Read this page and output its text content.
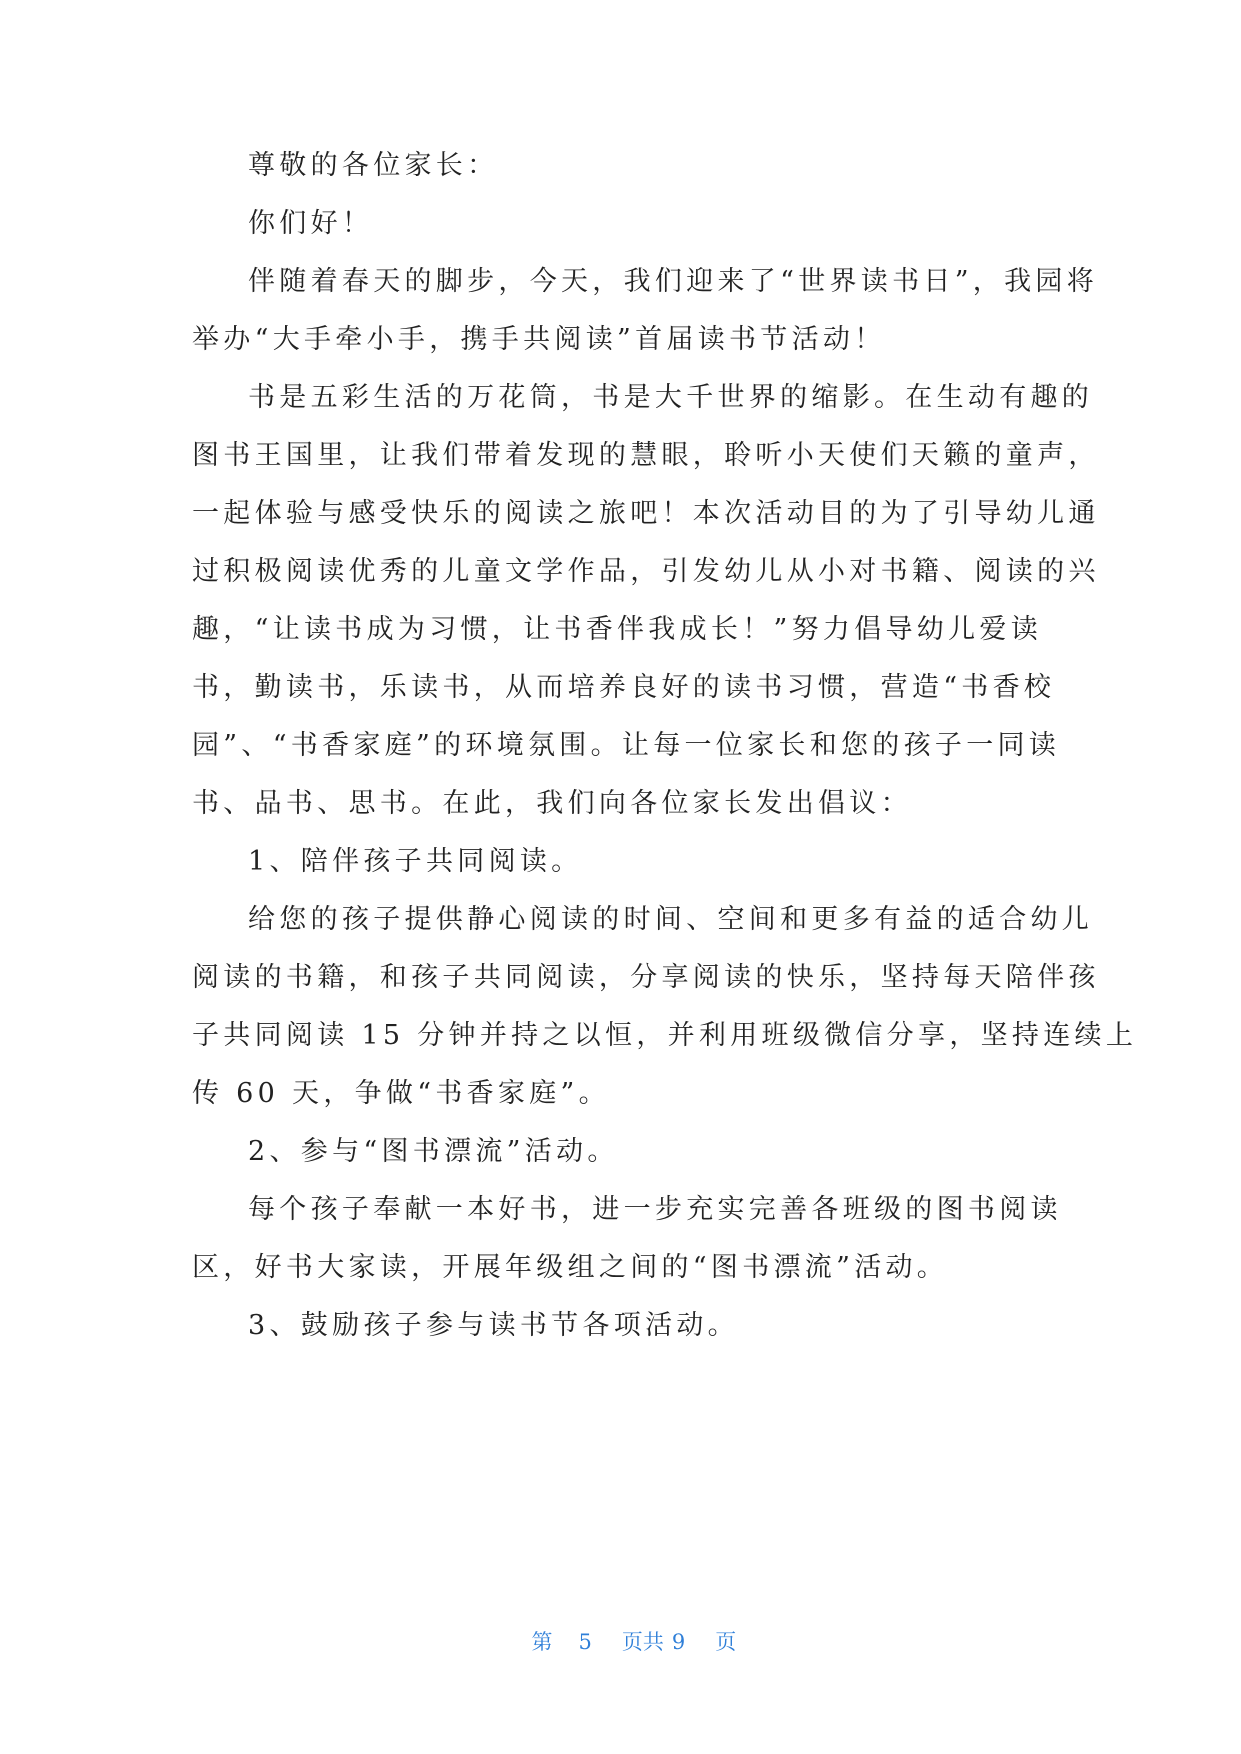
尊敬的各位家长：
你们好！
伴随着春天的脚步，今天，我们迎来了“世界读书日”，我园将
举办“大手牵小手，携手共阅读”首届读书节活动！
书是五彩生活的万花筒，书是大千世界的缩影。在生动有趣的
图书王国里，让我们带着发现的慧眼，聆听小天使们天籁的童声，
一起体验与感受快乐的阅读之旅吧！本次活动目的为了引导幼儿通
过积极阅读优秀的儿童文学作品，引发幼儿从小对书籍、阅读的兴
趣，“让读书成为习惯，让书香伴我成长！”努力倡导幼儿爱读
书，勤读书，乐读书，从而培养良好的读书习惯，营造“书香校
园”、“书香家庭”的环境氛围。让每一位家长和您的孩子一同读
书、品书、思书。在此，我们向各位家长发出倡议：
1、陪伴孩子共同阅读。
给您的孩子提供静心阅读的时间、空间和更多有益的适合幼儿
阅读的书籍，和孩子共同阅读，分享阅读的快乐，坚持每天陪伴孩
子共同阅读 15 分钟并持之以恒，并利用班级微信分享，坚持连续上
传 60 天，争做“书香家庭”。
2、参与“图书漂流”活动。
每个孩子奉献一本好书，进一步充实完善各班级的图书阅读
区，好书大家读，开展年级组之间的“图书漂流”活动。
3、鼓励孩子参与读书节各项活动。

第 5 页共 9 页
